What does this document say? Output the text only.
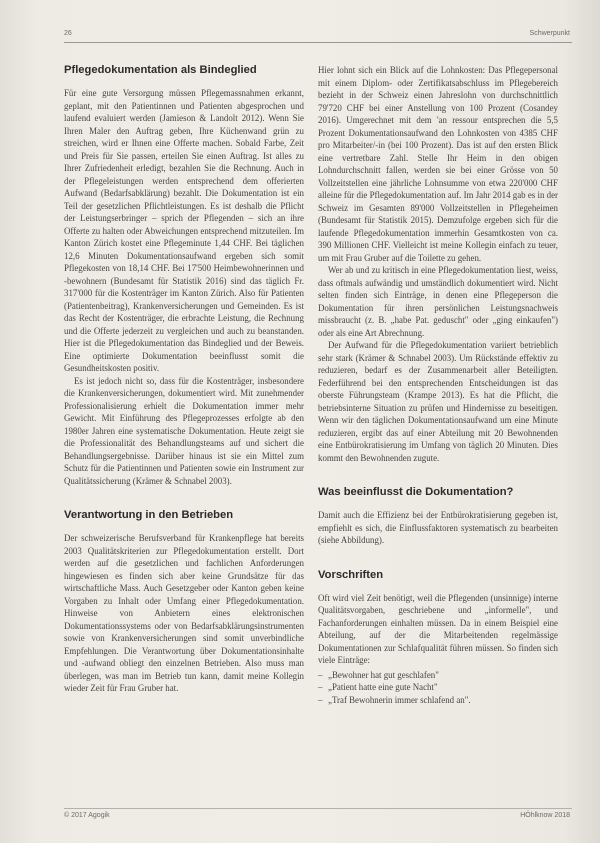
26	Schwerpunkt
Pflegedokumentation als Bindeglied

Für eine gute Versorgung müssen Pflegemassnahmen erkannt, geplant, mit den Patientinnen und Patienten abgesprochen und laufend evaluiert werden (Jamieson & Landolt 2012). Wenn Sie Ihren Maler den Auftrag geben, Ihre Küchenwand grün zu streichen, wird er Ihnen eine Offerte machen. Sobald Farbe, Zeit und Preis für Sie passen, erteilen Sie einen Auftrag. Ist alles zu Ihrer Zufriedenheit erledigt, bezahlen Sie die Rechnung. Auch in der Pflegeleistungen werden entsprechend dem offerierten Aufwand (Bedarfsabklärung) bezahlt. Die Dokumentation ist ein Teil der gesetzlichen Pflichtleistungen. Es ist deshalb die Pflicht der Leistungserbringer – sprich der Pflegenden – sich an ihre Offerte zu halten oder Abweichungen entsprechend mitzuteilen. Im Kanton Zürich kostet eine Pflegeminute 1,44 CHF. Bei täglichen 12,6 Minuten Dokumentationsaufwand ergeben sich somit Pflegekosten von 18,14 CHF. Bei 17'500 Heimbewohnerinnen und -bewohnern (Bundesamt für Statistik 2016) sind das täglich Fr. 317'000 für die Kostenträger im Kanton Zürich. Also für Patienten (Patientenbeitrag), Krankenversicherungen und Gemeinden. Es ist das Recht der Kostenträger, die erbrachte Leistung, die Rechnung und die Offerte jederzeit zu vergleichen und auch zu beanstanden. Hier ist die Pflegedokumentation das Bindeglied und der Beweis. Eine optimierte Dokumentation beeinflusst somit die Gesundheitskosten positiv.

Es ist jedoch nicht so, dass für die Kostenträger, insbesondere die Krankenversicherungen, dokumentiert wird. Mit zunehmender Professionalisierung erhielt die Dokumentation immer mehr Gewicht. Mit Einführung des Pflegeprozesses erfolgte ab den 1980er Jahren eine systematische Dokumentation. Heute zeigt sie die Professionalität des Behandlungsteams auf und sichert die Behandlungsergebnisse. Darüber hinaus ist sie ein Mittel zum Schutz für die Patientinnen und Patienten sowie ein Instrument zur Qualitätssicherung (Krämer & Schnabel 2003).

Verantwortung in den Betrieben

Der schweizerische Berufsverband für Krankenpflege hat bereits 2003 Qualitätskriterien zur Pflegedokumentation erstellt. Dort werden auf die gesetzlichen und fachlichen Anforderungen hingewiesen es finden sich aber keine Grundsätze für das wirtschaftliche Mass. Auch Gesetzgeber oder Kanton geben keine Vorgaben zu Inhalt oder Umfang einer Pflegedokumentation. Hinweise von Anbietern eines elektronischen Dokumentationssystems oder von Bedarfsabklärungsinstrumenten sowie von Krankenversicherungen sind somit unverbindliche Empfehlungen. Die Verantwortung über Dokumentationsinhalte und -aufwand obliegt den einzelnen Betrieben. Also muss man überlegen, was man im Betrieb tun kann, damit meine Kollegin wieder Zeit für Frau Gruber hat.

Hier lohnt sich ein Blick auf die Lohnkosten: Das Pflegepersonal mit einem Diplom- oder Zertifikatsabschluss im Pflegebereich bezieht in der Schweiz einen Jahreslohn von durchschnittlich 79'720 CHF bei einer Anstellung von 100 Prozent (Cosandey 2016). Umgerechnet mit dem 'an ressour entsprechen die 5,5 Prozent Dokumentationsaufwand den Lohnkosten von 4385 CHF pro Mitarbeiter/-in (bei 100 Prozent). Das ist auf den ersten Blick eine vertretbare Zahl. Stelle Ihr Heim in den obigen Lohndurchschnitt fallen, werden sie bei einer Grösse von 50 Vollzeitstellen eine jährliche Lohnsumme von etwa 220'000 CHF alleine für die Pflegedokumentation auf. Im Jahr 2014 gab es in der Schweiz im Gesamten 89'000 Vollzeitstellen in Pflegeheimen (Bundesamt für Statistik 2015). Demzufolge ergeben sich für die laufende Pflegedokumentation immerhin Gesamtkosten von ca. 390 Millionen CHF. Vielleicht ist meine Kollegin einfach zu teuer, um mit Frau Gruber auf die Toilette zu gehen.

Wer ab und zu kritisch in eine Pflegedokumentation liest, weiss, dass oftmals aufwändig und umständlich dokumentiert wird. Nicht selten finden sich Einträge, in denen eine Pflegeperson die Dokumentation für ihren persönlichen Leistungsnachweis missbraucht (z. B. „habe Pat. geduscht" oder „ging einkaufen") oder als eine Art Abrechnung.

Der Aufwand für die Pflegedokumentation variiert betrieblich sehr stark (Krämer & Schnabel 2003). Um Rückstände effektiv zu reduzieren, bedarf es der Zusammenarbeit aller Beteiligten. Federführend bei den entsprechenden Entscheidungen ist das oberste Führungsteam (Krampe 2013). Es hat die Pflicht, die betriebsinterne Situation zu prüfen und Hindernisse zu beseitigen. Wenn wir den täglichen Dokumentationsaufwand um eine Minute reduzieren, ergibt das auf einer Abteilung mit 20 Bewohnenden eine Entbürokratisierung im Umfang von täglich 20 Minuten. Dies kommt den Bewohnenden zugute.

Was beeinflusst die Dokumentation?

Damit auch die Effizienz bei der Entbürokratisierung gegeben ist, empfiehlt es sich, die Einflussfaktoren systematisch zu bearbeiten (siehe Abbildung).

Vorschriften

Oft wird viel Zeit benötigt, weil die Pflegenden (unsinnige) interne Qualitätsvorgaben, geschriebene und „informelle", und Fachanforderungen einhalten müssen. Da in einem Beispiel eine Abteilung, auf der die Mitarbeitenden regelmässige Dokumentationen zur Schlafqualität führen müssen. So finden sich viele Einträge:

– „Bewohner hat gut geschlafen"
– „Patient hatte eine gute Nacht"
– „Traf Bewohnerin immer schlafend an".
© 2017 Agogik	HÖhlknow 2018
